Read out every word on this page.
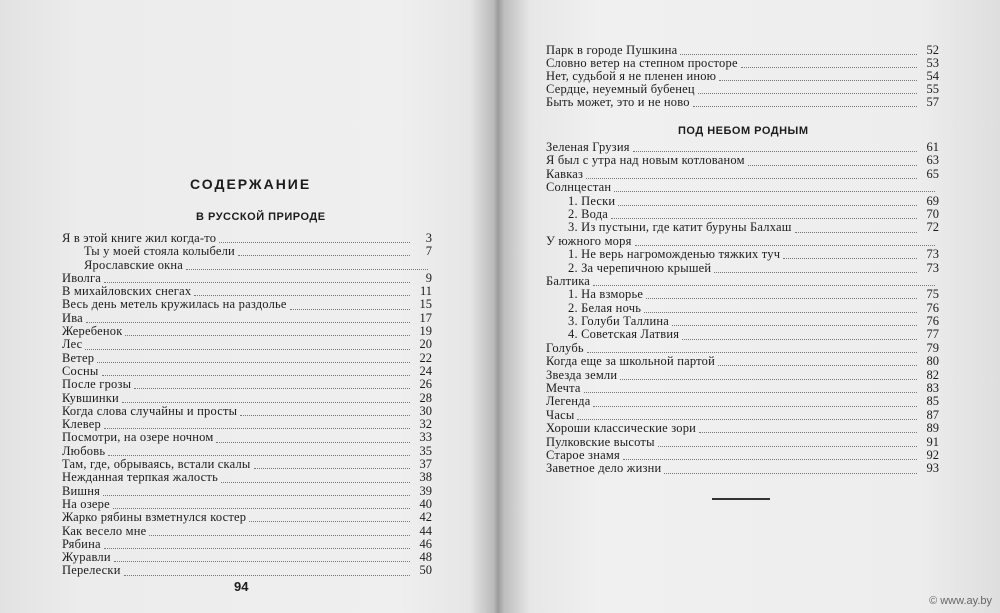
СОДЕРЖАНИЕ
В РУССКОЙ ПРИРОДЕ
Я в этой книге жил когда-то	3
Ты у моей стояла колыбели	7
Ярославские окна
Иволга	9
В михайловских снегах	11
Весь день метель кружилась на раздолье	15
Ива	17
Жеребенок	19
Лес	20
Ветер	22
Сосны	24
После грозы	26
Кувшинки	28
Когда слова случайны и просты	30
Клевер	32
Посмотри, на озере ночном	33
Любовь	35
Там, где, обрываясь, встали скалы	37
Нежданная терпкая жалость	38
Вишня	39
На озере	40
Жарко рябины взметнулся костер	42
Как весело мне	44
Рябина	46
Журавли	48
Перелески	50
94
Парк в городе Пушкина	52
Словно ветер на степном просторе	53
Нет, судьбой я не пленен иною	54
Сердце, неуемный бубенец	55
Быть может, это и не ново	57
ПОД НЕБОМ РОДНЫМ
Зеленая Грузия	61
Я был с утра над новым котлованом	63
Кавказ	65
Солнцестан
1. Пески	69
2. Вода	70
3. Из пустыни, где катит буруны Балхаш	72
У южного моря
1. Не верь нагроможденью тяжких туч	73
2. За черепичною крышей	73
Балтика
1. На взморье	75
2. Белая ночь	76
3. Голуби Таллина	76
4. Советская Латвия	77
Голубь	79
Когда еще за школьной партой	80
Звезда земли	82
Мечта	83
Легенда	85
Часы	87
Хороши классические зори	89
Пулковские высоты	91
Старое знамя	92
Заветное дело жизни	93
© www.ay.by
